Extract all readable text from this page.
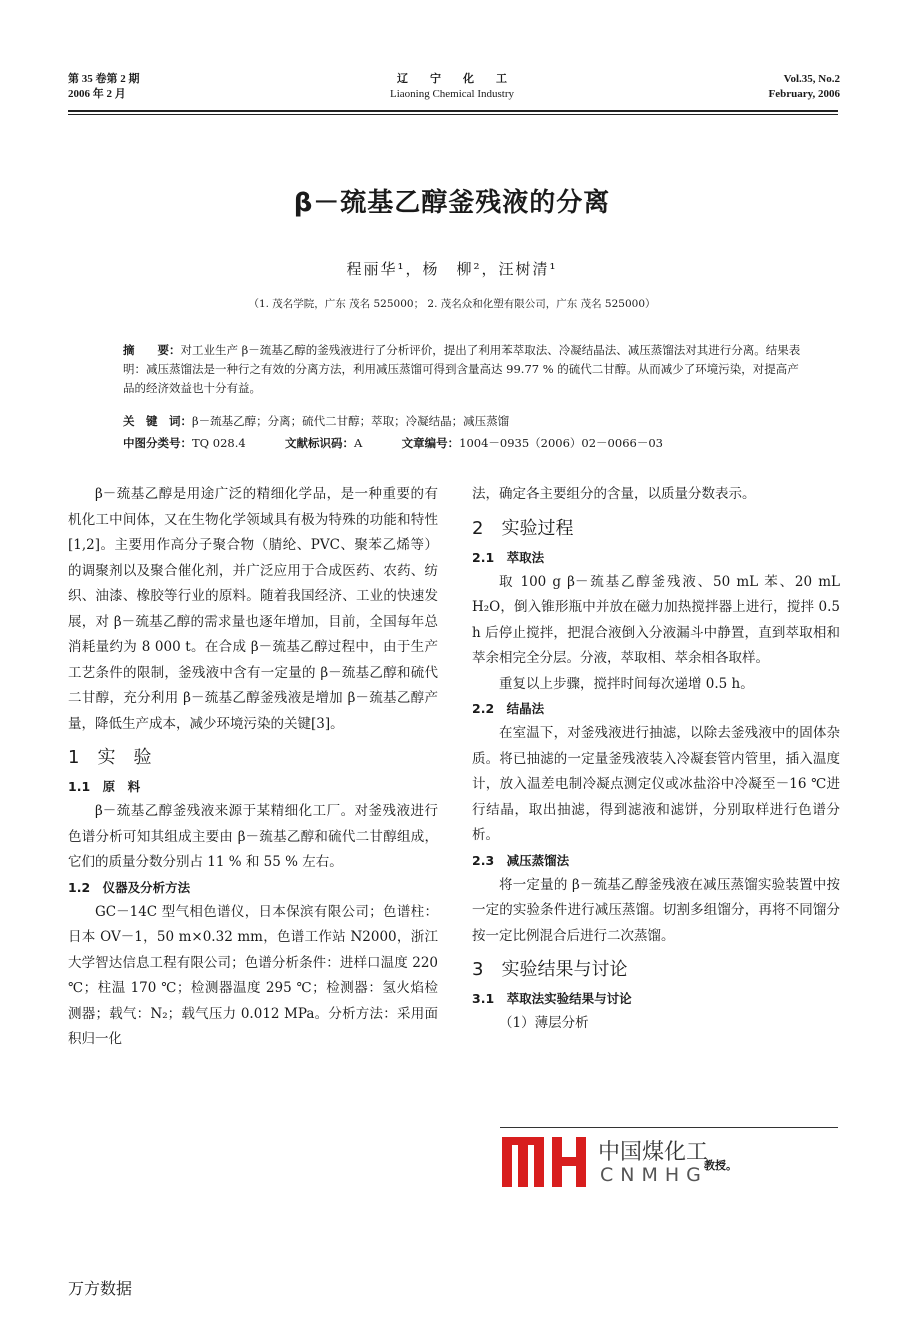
第 35 卷第 2 期
2006 年 2 月
辽　　宁　　化　　工
Liaoning Chemical Industry
Vol.35, No.2
February, 2006
β－巯基乙醇釜残液的分离
程丽华¹，杨　柳²，汪树清¹
（1. 茂名学院，广东 茂名 525000； 2. 茂名众和化塑有限公司，广东 茂名 525000）
摘　　要：对工业生产 β－巯基乙醇的釜残液进行了分析评价，提出了利用苯萃取法、冷凝结晶法、减压蒸馏法对其进行分离。结果表明：减压蒸馏法是一种行之有效的分离方法，利用减压蒸馏可得到含量高达 99.77 % 的硫代二甘醇。从而减少了环境污染，对提高产品的经济效益也十分有益。
关　键　词：β－巯基乙醇；分离；硫代二甘醇；萃取；冷凝结晶；减压蒸馏
中图分类号：TQ 028.4	文献标识码：A	文章编号：1004－0935（2006）02－0066－03

β－巯基乙醇是用途广泛的精细化学品，是一种重要的有机化工中间体，又在生物化学领域具有极为特殊的功能和特性[1,2]。主要用作高分子聚合物（腈纶、PVC、聚苯乙烯等）的调聚剂以及聚合催化剂，并广泛应用于合成医药、农药、纺织、油漆、橡胶等行业的原料。随着我国经济、工业的快速发展，对 β－巯基乙醇的需求量也逐年增加，目前，全国每年总消耗量约为 8 000 t。在合成 β－巯基乙醇过程中，由于生产工艺条件的限制，釜残液中含有一定量的 β－巯基乙醇和硫代二甘醇，充分利用 β－巯基乙醇釜残液是增加 β－巯基乙醇产量，降低生产成本，减少环境污染的关键[3]。

1　实　验
1.1　原　料

β－巯基乙醇釜残液来源于某精细化工厂。对釜残液进行色谱分析可知其组成主要由 β－巯基乙醇和硫代二甘醇组成，它们的质量分数分别占 11 % 和 55 % 左右。

1.2　仪器及分析方法

GC－14C 型气相色谱仪，日本保滨有限公司；色谱柱：日本 OV－1，50 m×0.32 mm，色谱工作站 N2000，浙江大学智达信息工程有限公司；色谱分析条件：进样口温度 220 ℃；柱温 170 ℃；检测器温度 295 ℃；检测器：氢火焰检测器；载气：N₂；载气压力 0.012 MPa。分析方法：采用面积归一化

法，确定各主要组分的含量，以质量分数表示。

2　实验过程
2.1　萃取法

取 100 g β－巯基乙醇釜残液、50 mL 苯、20 mL H₂O，倒入锥形瓶中并放在磁力加热搅拌器上进行，搅拌 0.5 h 后停止搅拌，把混合液倒入分液漏斗中静置，直到萃取相和萃余相完全分层。分液，萃取相、萃余相各取样。

重复以上步骤，搅拌时间每次递增 0.5 h。

2.2　结晶法

在室温下，对釜残液进行抽滤，以除去釜残液中的固体杂质。将已抽滤的一定量釜残液装入冷凝套管内管里，插入温度计，放入温差电制冷凝点测定仪或冰盐浴中冷凝至－16 ℃进行结晶，取出抽滤，得到滤液和滤饼，分别取样进行色谱分析。

2.3　减压蒸馏法

将一定量的 β－巯基乙醇釜残液在减压蒸馏实验装置中按一定的实验条件进行减压蒸馏。切割多组馏分，再将不同馏分按一定比例混合后进行二次蒸馏。

3　实验结果与讨论
3.1　萃取法实验结果与讨论

（1）薄层分析

中国煤化工
CNMHG
教授。
万方数据
